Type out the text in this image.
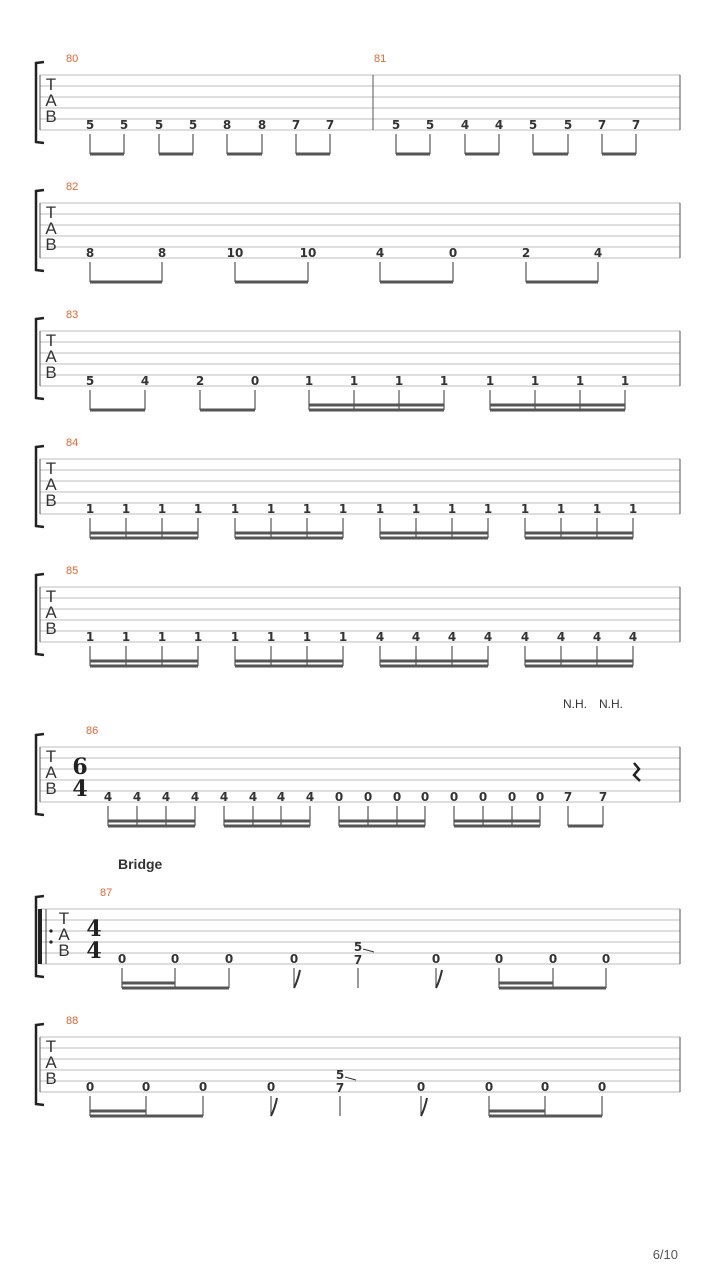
T
A
B
80	81
5 5 5 5 8 8 7 7	5 5 4 4 5 5 7 7
T
A
B
82
8	8	10	10	4	0	2	4
T
A
B
83
5	4	2	0	1	1	1	1	1	1	1	1
T
A
B
84
1 1 1 1 1 1 1 1 1 1 1 1 1 1 1 1
T
A
B
85
1 1 1 1 1 1 1 1 4 4 4 4 4 4 4 4
T
A
B
86
6
4 4 4 4 4 4 4 4 4 0 0 0 0 0 0 0 0 7 7
N.H. N.H.
T
A
B
87
4
4 0	0	0	0
5
7	0	0	0	0
Bridge
T
A
B
88
0	0	0	0
5
7	0	0	0	0
6/10
